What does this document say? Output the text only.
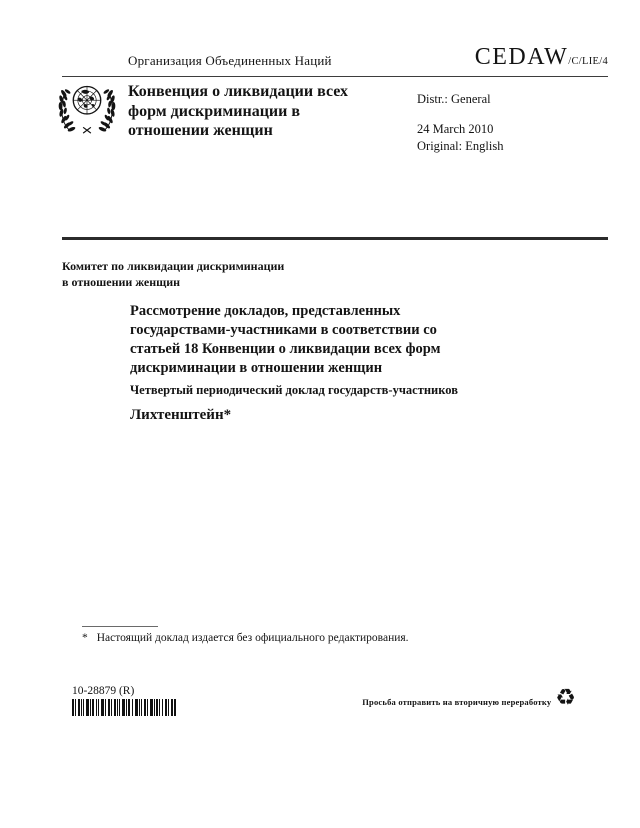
Организация Объединенных Наций	CEDAW/C/LIE/4
Конвенция о ликвидации всех
форм дискриминации в
отношении женщин
Distr.: General
24 March 2010
Original: English
Комитет по ликвидации дискриминации
в отношении женщин
Рассмотрение докладов, представленных
государствами-участниками в соответствии со
статьей 18 Конвенции о ликвидации всех форм
дискриминации в отношении женщин
Четвертый периодический доклад государств-участников
Лихтенштейн*
* Настоящий доклад издается без официального редактирования.
10-28879 (R)
Просьба отправить на вторичную переработку ♻
